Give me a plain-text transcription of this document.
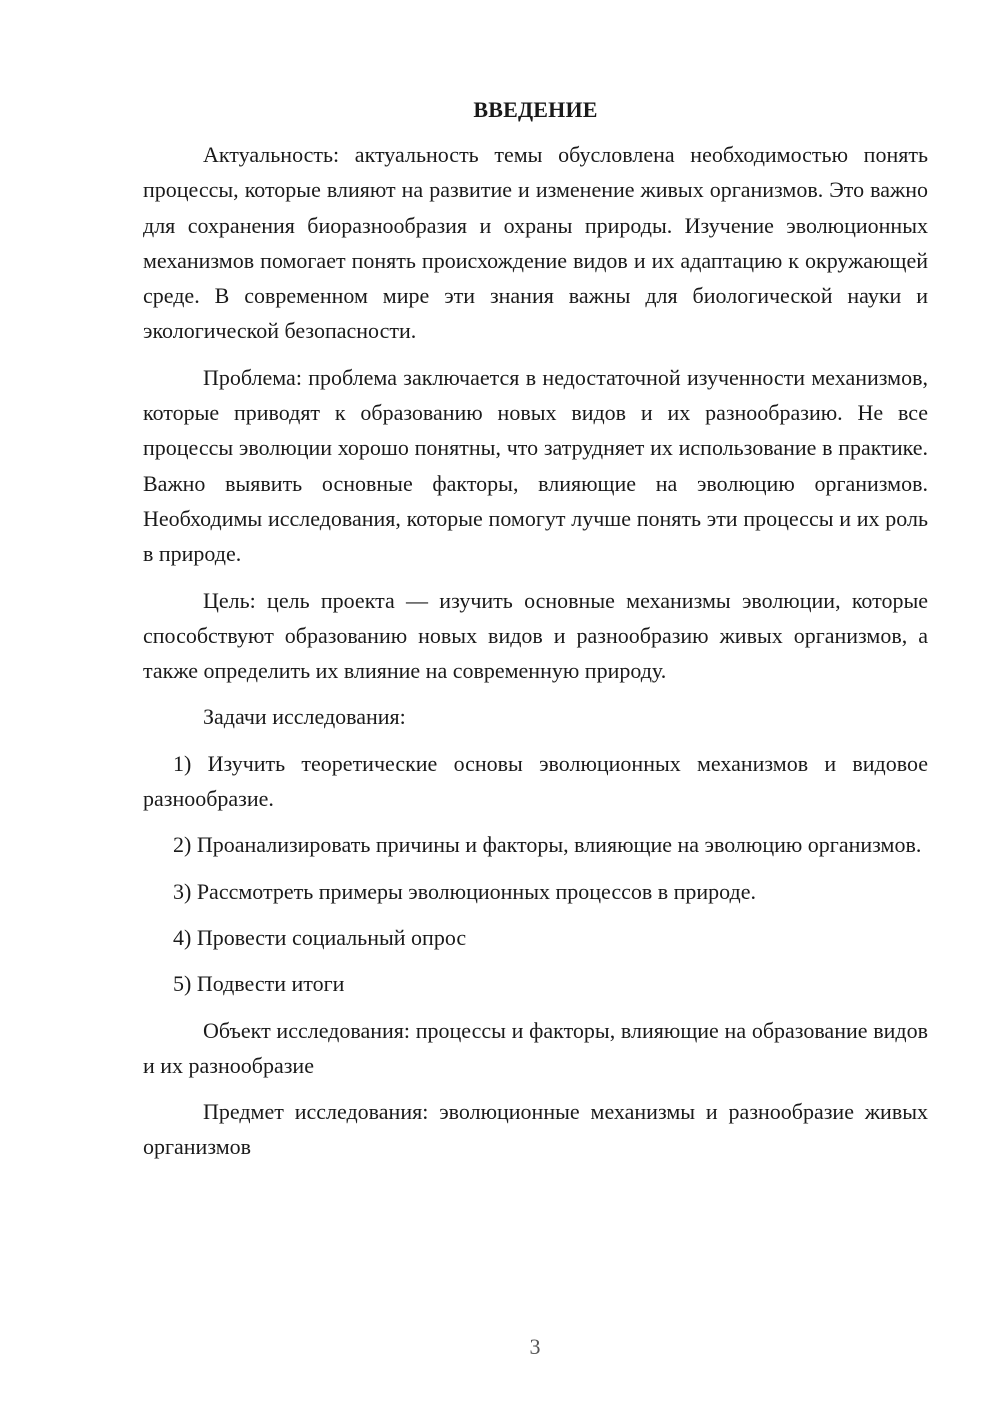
ВВЕДЕНИЕ

Актуальность: актуальность темы обусловлена необходимостью понять процессы, которые влияют на развитие и изменение живых организмов. Это важно для сохранения биоразнообразия и охраны природы. Изучение эволюционных механизмов помогает понять происхождение видов и их адаптацию к окружающей среде. В современном мире эти знания важны для биологической науки и экологической безопасности.

Проблема: проблема заключается в недостаточной изученности механизмов, которые приводят к образованию новых видов и их разнообразию. Не все процессы эволюции хорошо понятны, что затрудняет их использование в практике. Важно выявить основные факторы, влияющие на эволюцию организмов. Необходимы исследования, которые помогут лучше понять эти процессы и их роль в природе.

Цель: цель проекта — изучить основные механизмы эволюции, которые способствуют образованию новых видов и разнообразию живых организмов, а также определить их влияние на современную природу.

Задачи исследования:

1) Изучить теоретические основы эволюционных механизмов и видовое разнообразие.

2) Проанализировать причины и факторы, влияющие на эволюцию организмов.

3) Рассмотреть примеры эволюционных процессов в природе.

4) Провести социальный опрос

5) Подвести итоги

Объект исследования: процессы и факторы, влияющие на образование видов и их разнообразие

Предмет исследования: эволюционные механизмы и разнообразие живых организмов

3
